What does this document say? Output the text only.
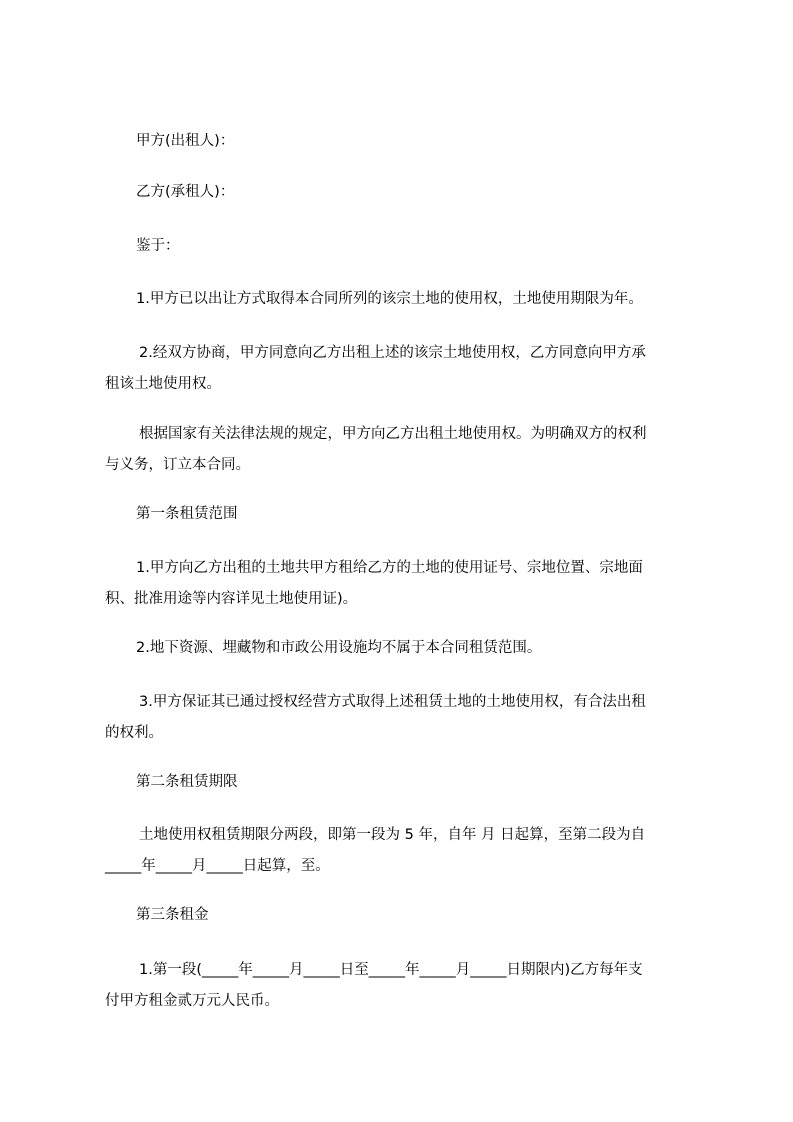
甲方(出租人)：
乙方(承租人)：
鉴于：
1.甲方已以出让方式取得本合同所列的该宗土地的使用权，土地使用期限为年。
2.经双方协商，甲方同意向乙方出租上述的该宗土地使用权，乙方同意向甲方承
租该土地使用权。
根据国家有关法律法规的规定，甲方向乙方出租土地使用权。为明确双方的权利
与义务，订立本合同。
第一条租赁范围
1.甲方向乙方出租的土地共甲方租给乙方的土地的使用证号、宗地位置、宗地面
积、批准用途等内容详见土地使用证)。
2.地下资源、埋藏物和市政公用设施均不属于本合同租赁范围。
3.甲方保证其已通过授权经营方式取得上述租赁土地的土地使用权，有合法出租
的权利。
第二条租赁期限
土地使用权租赁期限分两段，即第一段为 5 年，自年 月 日起算，至第二段为自
_____年_____月_____日起算，至。
第三条租金
1.第一段(_____年_____月_____日至_____年_____月_____日期限内)乙方每年支
付甲方租金贰万元人民币。
